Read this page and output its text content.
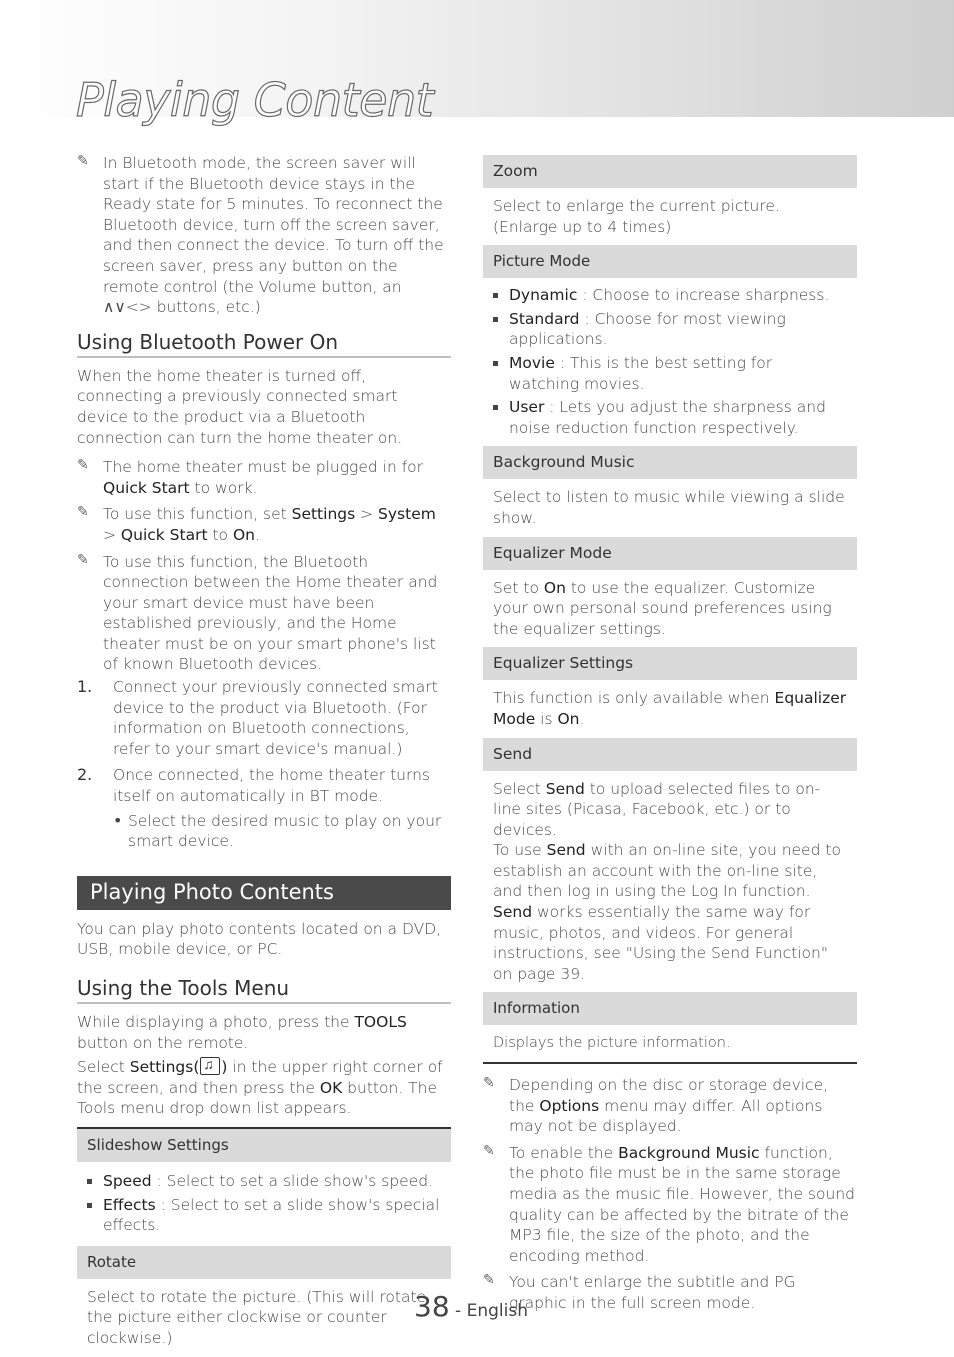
Playing Content
✎ In Bluetooth mode, the screen saver will start if the Bluetooth device stays in the Ready state for 5 minutes. To reconnect the Bluetooth device, turn off the screen saver, and then connect the device. To turn off the screen saver, press any button on the remote control (the Volume button, an ∧∨<> buttons, etc.)

Using Bluetooth Power On

When the home theater is turned off, connecting a previously connected smart device to the product via a Bluetooth connection can turn the home theater on.

✎ The home theater must be plugged in for Quick Start to work.

✎ To use this function, set Settings > System > Quick Start to On.

✎ To use this function, the Bluetooth connection between the Home theater and your smart device must have been established previously, and the Home theater must be on your smart phone's list of known Bluetooth devices.

1. Connect your previously connected smart device to the product via Bluetooth. (For information on Bluetooth connections, refer to your smart device's manual.)

2. Once connected, the home theater turns itself on automatically in BT mode.

• Select the desired music to play on your smart device.

Playing Photo Contents

You can play photo contents located on a DVD, USB, mobile device, or PC.

Using the Tools Menu

While displaying a photo, press the TOOLS button on the remote.

Select Settings(♫ ) in the upper right corner of the screen, and then press the OK button. The Tools menu drop down list appears.

Slideshow Settings
Speed : Select to set a slide show's speed.
Effects : Select to set a slide show's special effects.
Rotate

Select to rotate the picture. (This will rotate the picture either clockwise or counter clockwise.)

Zoom

Select to enlarge the current picture. (Enlarge up to 4 times)

Picture Mode
Dynamic : Choose to increase sharpness.
Standard : Choose for most viewing applications.
Movie : This is the best setting for watching movies.
User : Lets you adjust the sharpness and noise reduction function respectively.
Background Music

Select to listen to music while viewing a slide show.

Equalizer Mode

Set to On to use the equalizer. Customize your own personal sound preferences using the equalizer settings.

Equalizer Settings

This function is only available when Equalizer Mode is On.

Send

Select Send to upload selected files to on-line sites (Picasa, Facebook, etc.) or to devices.

To use Send with an on-line site, you need to establish an account with the on-line site, and then log in using the Log In function. Send works essentially the same way for music, photos, and videos. For general instructions, see "Using the Send Function" on page 39.

Information

Displays the picture information.

✎ Depending on the disc or storage device, the Options menu may differ. All options may not be displayed.

✎ To enable the Background Music function, the photo file must be in the same storage media as the music file. However, the sound quality can be affected by the bitrate of the MP3 file, the size of the photo, and the encoding method.

✎ You can't enlarge the subtitle and PG graphic in the full screen mode.

38 - English
